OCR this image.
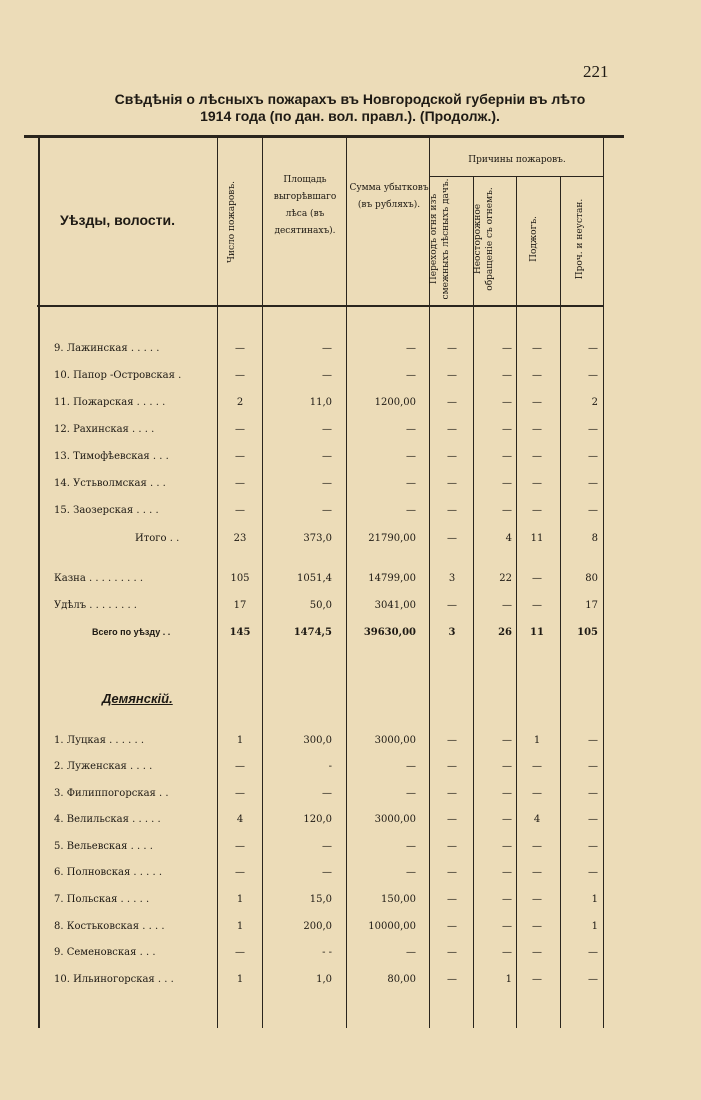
221
Свѣдѣнія о лѣсныхъ пожарахъ въ Новгородской губерніи въ лѣто
1914 года (по дан. вол. правл.). (Продолж.).
Уѣзды, волости.	Число пожаровъ.
Площадь выгорѣвшаго лѣса (въ десятинахъ).
Сумма убытковъ (въ рубляхъ).
Причины пожаровъ.
Переходъ огня изъ смежныхъ лѣсныхъ дачъ.	Неосторожное обращеніе съ огнемъ.	Поджогъ.	Проч. и неустан.
9. Лажинская . . . . .	—	—	—	—	—	—	—
10. Папор -Островская .	—	—	—	—	—	—	—
11. Пожарская . . . . .	2	11,0	1200,00	—	—	—	2
12. Рахинская . . . .	—	—	—	—	—	—	—
13. Тимофѣевская . . .	—	—	—	—	—	—	—
14. Устьволмская . . .	—	—	—	—	—	—	—
15. Заозерская . . . .	—	—	—	—	—	—	—
Итого . .	23	373,0	21790,00	—	4	11	8
Казна . . . . . . . . .	105	1051,4	14799,00	3	22	—	80
Удѣлъ . . . . . . . .	17	50,0	3041,00	—	—	—	17
Всего по уѣзду . .	145	1474,5	39630,00	3	26	11	105
Демянскій.
1. Луцкая . . . . . .	1	300,0	3000,00	—	—	1	—
2. Луженская . . . .	—	-	—	—	—	—	—
3. Филиппогорская . .	—	—	—	—	—	—	—
4. Велильская . . . . .	4	120,0	3000,00	—	—	4	—
5. Вельевская . . . .	—	—	—	—	—	—	—
6. Полновская . . . . .	—	—	—	—	—	—	—
7. Польская . . . . .	1	15,0	150,00	—	—	—	1
8. Костьковская . . . .	1	200,0	10000,00	—	—	—	1
9. Семеновская . . .	—	- -	—	—	—	—	—
10. Ильиногорская . . .	1	1,0	80,00	—	1	—	—
